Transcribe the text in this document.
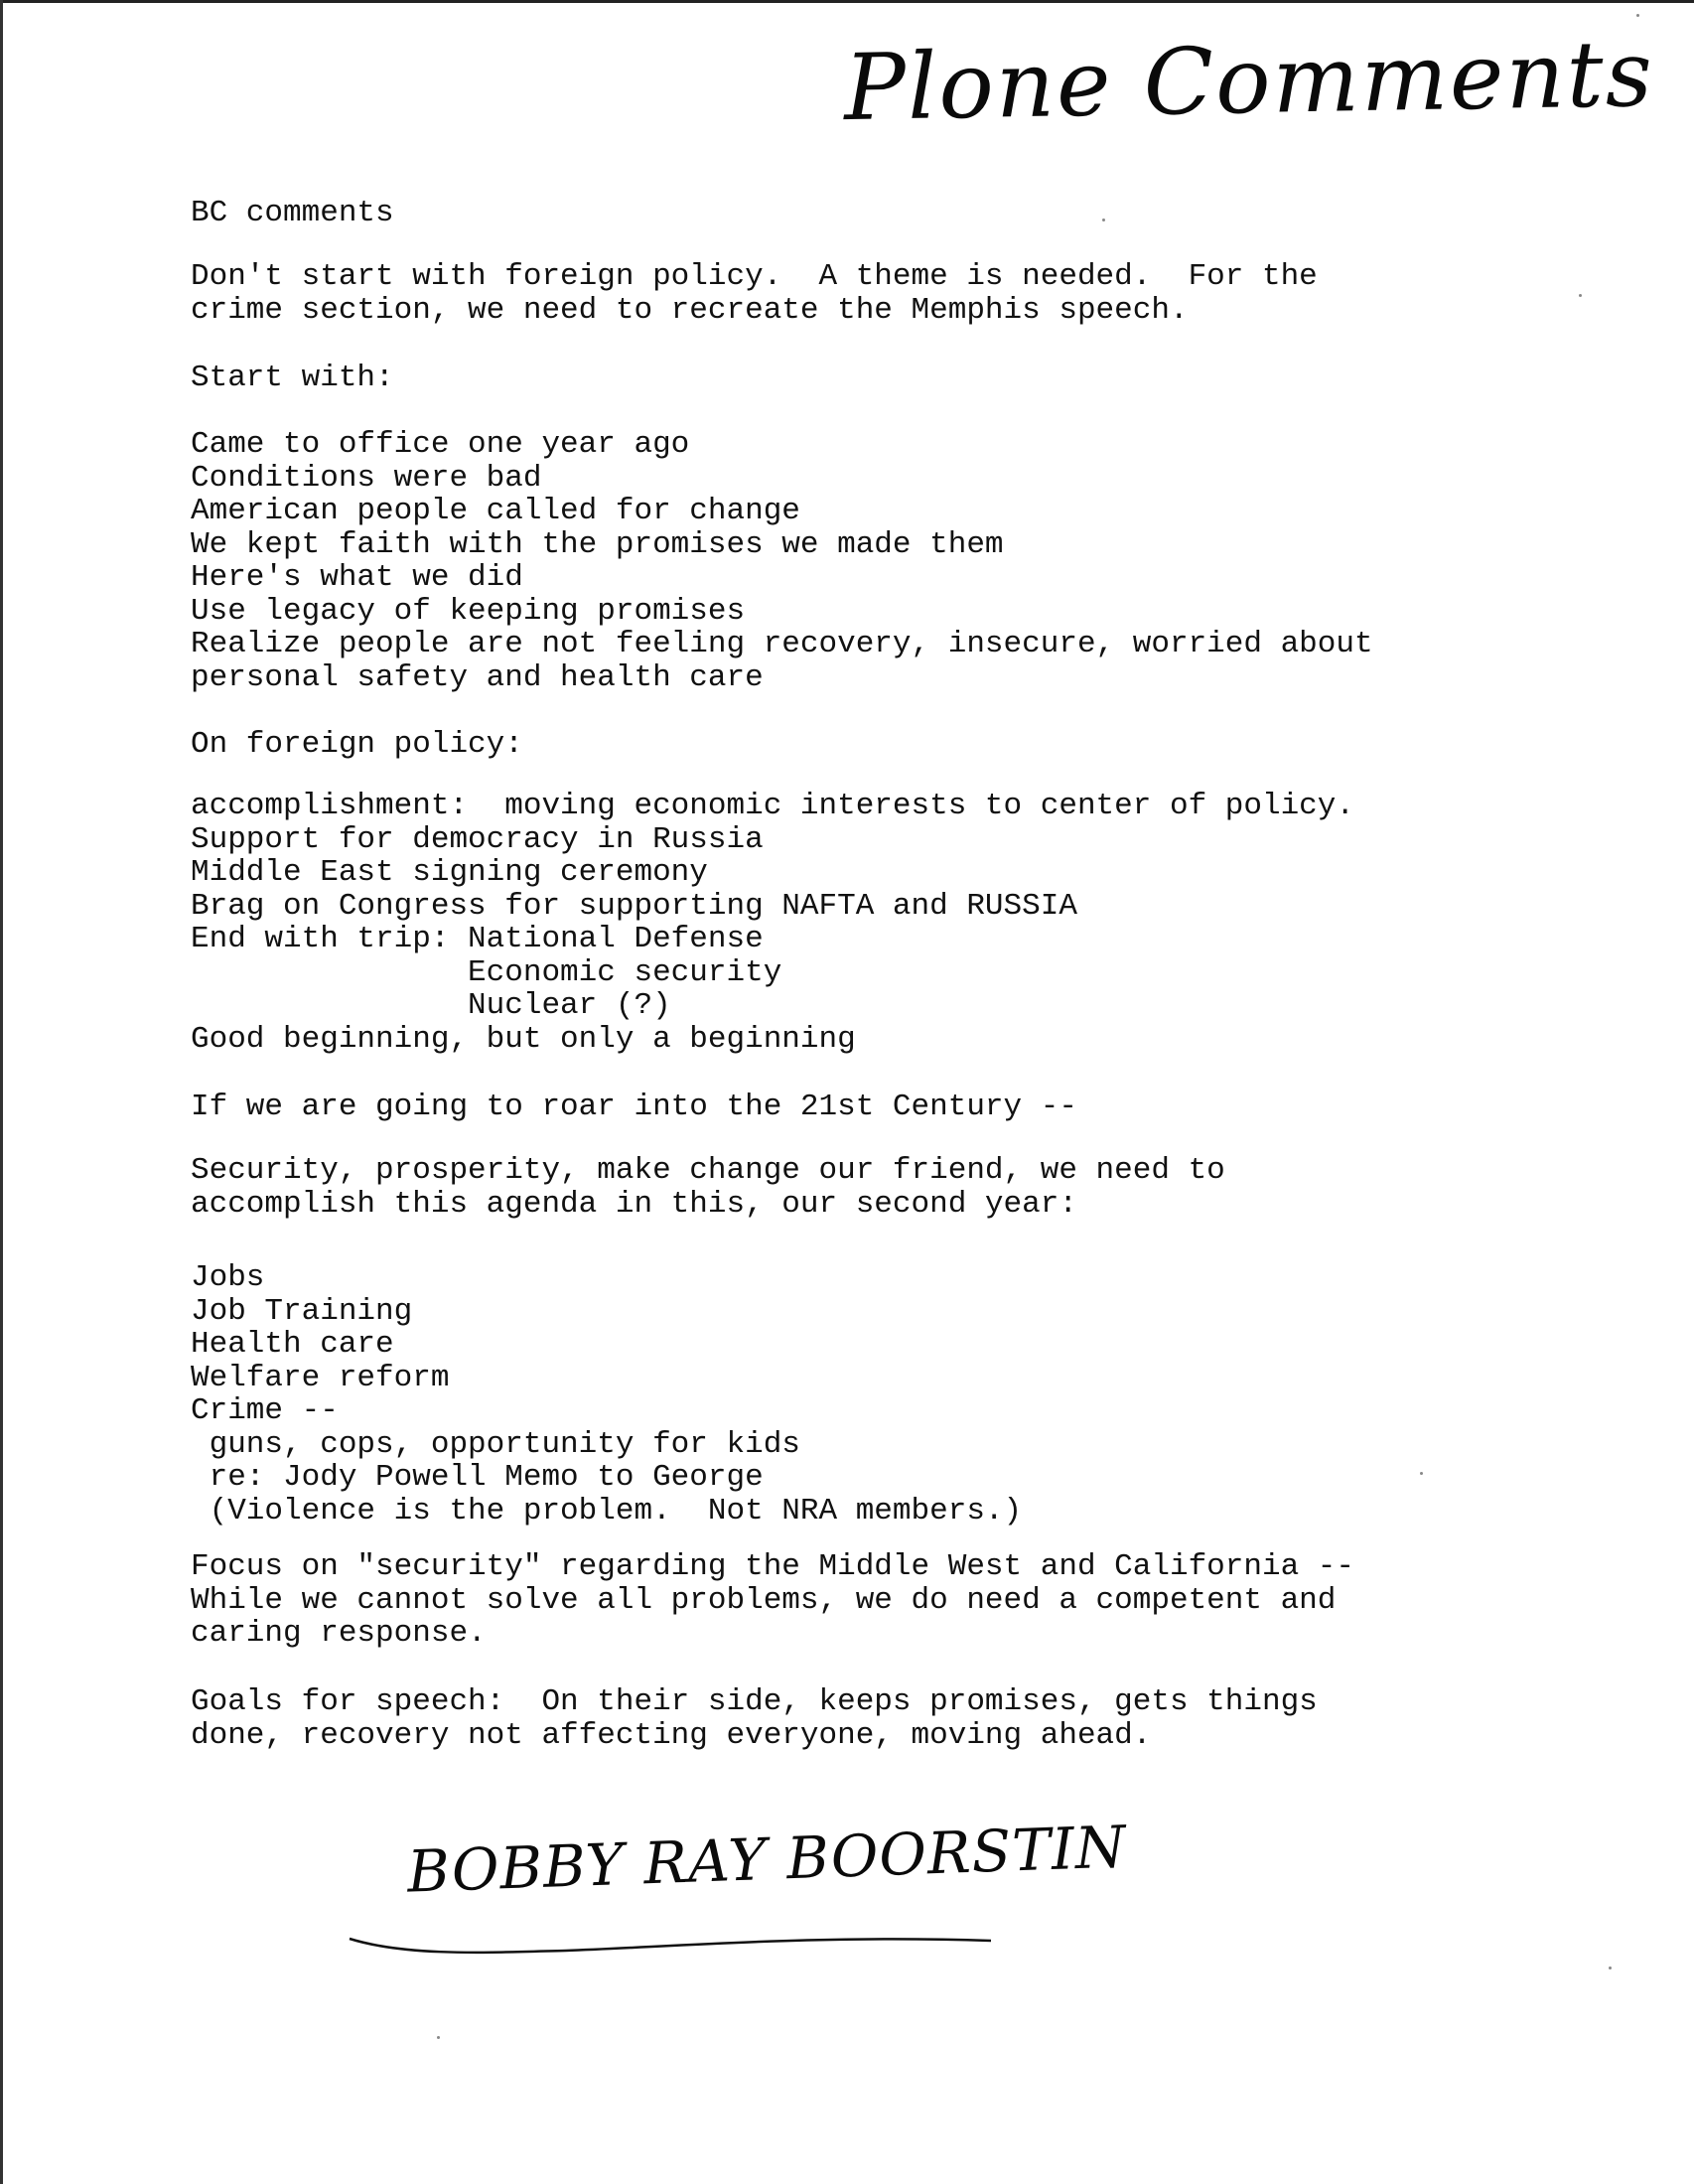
Plone Comments
BC comments
Don't start with foreign policy.  A theme is needed.  For the
crime section, we need to recreate the Memphis speech.
Start with:
Came to office one year ago
Conditions were bad
American people called for change
We kept faith with the promises we made them
Here's what we did
Use legacy of keeping promises
Realize people are not feeling recovery, insecure, worried about
personal safety and health care
On foreign policy:
accomplishment:  moving economic interests to center of policy.
Support for democracy in Russia
Middle East signing ceremony
Brag on Congress for supporting NAFTA and RUSSIA
End with trip: National Defense
Economic security
Nuclear (?)
Good beginning, but only a beginning
If we are going to roar into the 21st Century --
Security, prosperity, make change our friend, we need to
accomplish this agenda in this, our second year:
Jobs
Job Training
Health care
Welfare reform
Crime --
guns, cops, opportunity for kids
re: Jody Powell Memo to George
(Violence is the problem.  Not NRA members.)
Focus on "security" regarding the Middle West and California --
While we cannot solve all problems, we do need a competent and
caring response.
Goals for speech:  On their side, keeps promises, gets things
done, recovery not affecting everyone, moving ahead.
BOBBY RAY BOORSTIN
